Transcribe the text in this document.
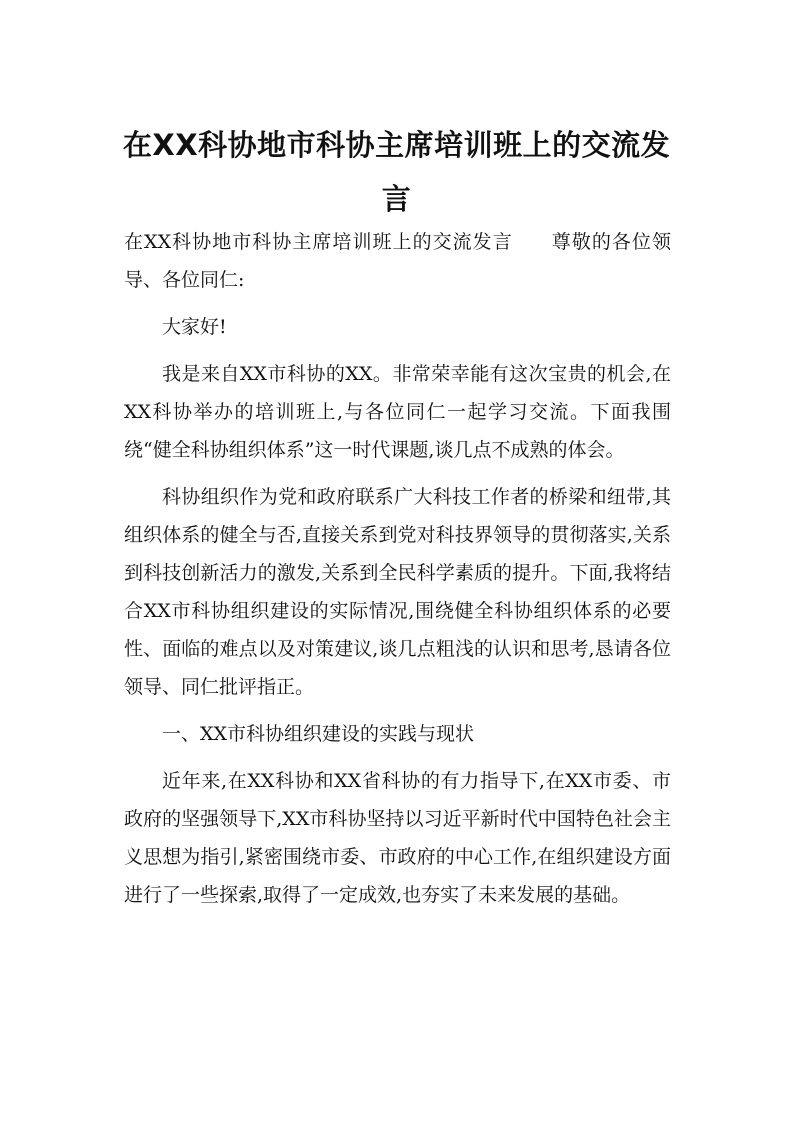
在XX科协地市科协主席培训班上的交流发言

在XX科协地市科协主席培训班上的交流发言 尊敬的各位领导、各位同仁:

大家好!

我是来自XX市科协的XX。非常荣幸能有这次宝贵的机会,在XX科协举办的培训班上,与各位同仁一起学习交流。下面我围绕“健全科协组织体系”这一时代课题,谈几点不成熟的体会。

科协组织作为党和政府联系广大科技工作者的桥梁和纽带,其组织体系的健全与否,直接关系到党对科技界领导的贯彻落实,关系到科技创新活力的激发,关系到全民科学素质的提升。下面,我将结合XX市科协组织建设的实际情况,围绕健全科协组织体系的必要性、面临的难点以及对策建议,谈几点粗浅的认识和思考,恳请各位领导、同仁批评指正。

一、XX市科协组织建设的实践与现状

近年来,在XX科协和XX省科协的有力指导下,在XX市委、市政府的坚强领导下,XX市科协坚持以习近平新时代中国特色社会主义思想为指引,紧密围绕市委、市政府的中心工作,在组织建设方面进行了一些探索,取得了一定成效,也夯实了未来发展的基础。
